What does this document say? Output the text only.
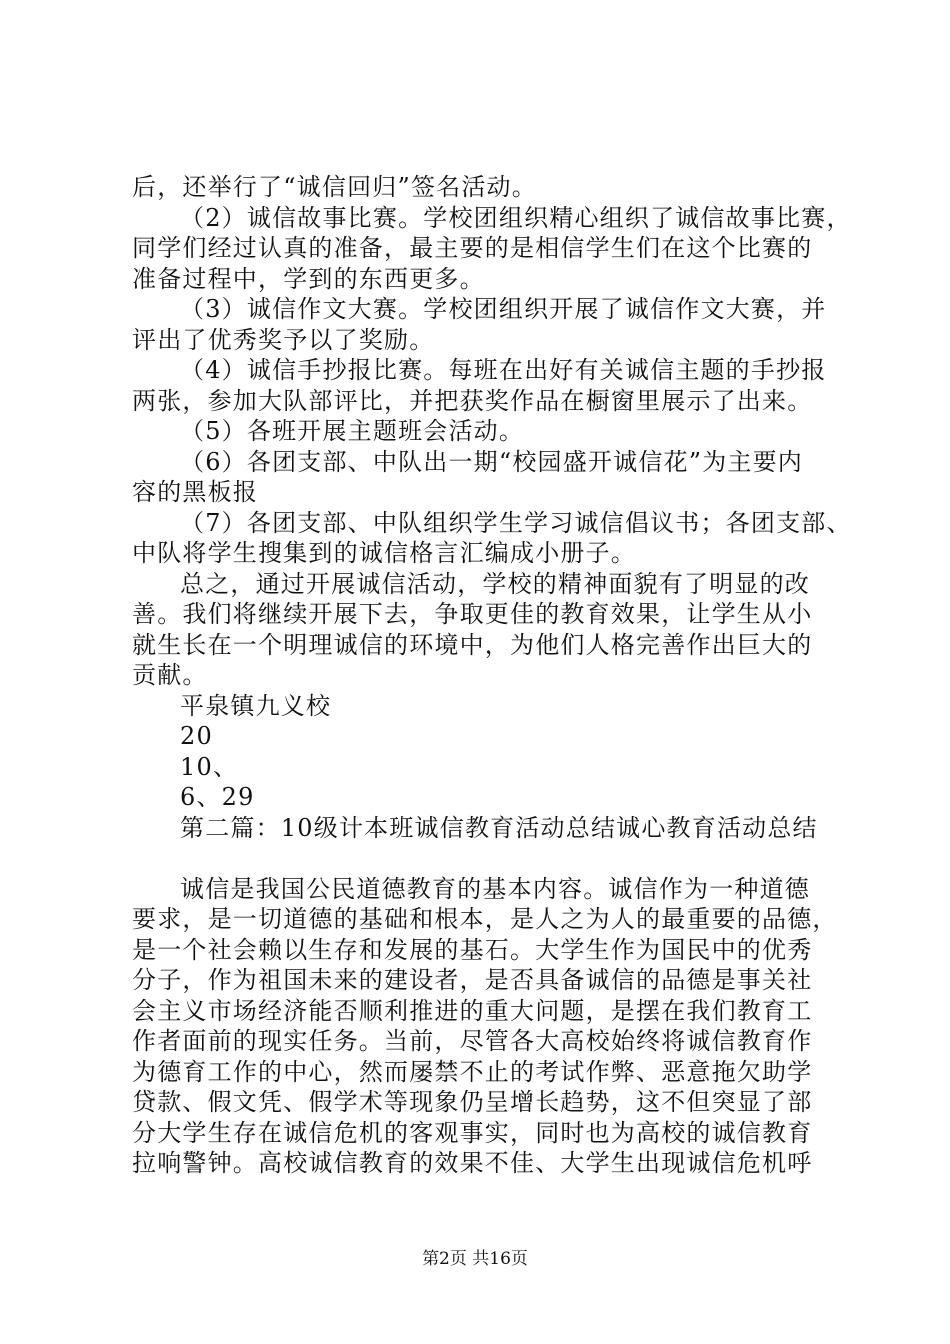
后，还举行了“诚信回归”签名活动。
（2）诚信故事比赛。学校团组织精心组织了诚信故事比赛，
同学们经过认真的准备，最主要的是相信学生们在这个比赛的
准备过程中，学到的东西更多。
（3）诚信作文大赛。学校团组织开展了诚信作文大赛，并
评出了优秀奖予以了奖励。
（4）诚信手抄报比赛。每班在出好有关诚信主题的手抄报
两张，参加大队部评比，并把获奖作品在橱窗里展示了出来。
（5）各班开展主题班会活动。
（6）各团支部、中队出一期“校园盛开诚信花”为主要内
容的黑板报
（7）各团支部、中队组织学生学习诚信倡议书；各团支部、
中队将学生搜集到的诚信格言汇编成小册子。
总之，通过开展诚信活动，学校的精神面貌有了明显的改
善。我们将继续开展下去，争取更佳的教育效果，让学生从小
就生长在一个明理诚信的环境中，为他们人格完善作出巨大的
贡献。
平泉镇九义校
20
10、
6、29
第二篇：10级计本班诚信教育活动总结诚心教育活动总结
诚信是我国公民道德教育的基本内容。诚信作为一种道德
要求，是一切道德的基础和根本，是人之为人的最重要的品德，
是一个社会赖以生存和发展的基石。大学生作为国民中的优秀
分子，作为祖国未来的建设者，是否具备诚信的品德是事关社
会主义市场经济能否顺利推进的重大问题，是摆在我们教育工
作者面前的现实任务。当前，尽管各大高校始终将诚信教育作
为德育工作的中心，然而屡禁不止的考试作弊、恶意拖欠助学
贷款、假文凭、假学术等现象仍呈增长趋势，这不但突显了部
分大学生存在诚信危机的客观事实，同时也为高校的诚信教育
拉响警钟。高校诚信教育的效果不佳、大学生出现诚信危机呼
第2页 共16页
